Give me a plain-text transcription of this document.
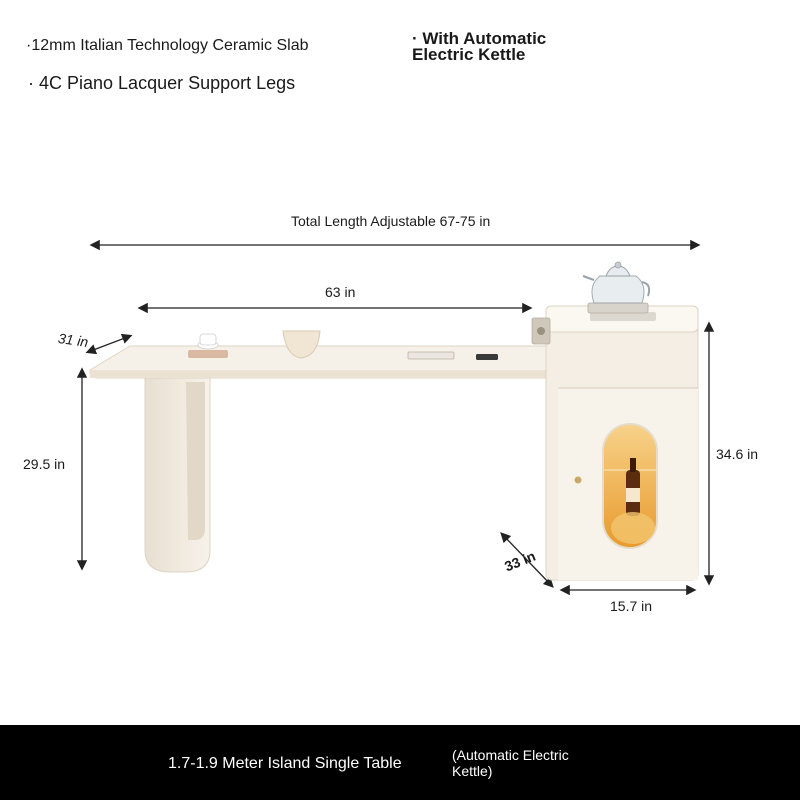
·12mm Italian Technology Ceramic Slab
· 4C Piano Lacquer Support Legs
· With Automatic Electric Kettle
Total Length Adjustable 67-75 in
63 in
31 in
29.5 in
34.6 in
33 in
15.7 in
1.7-1.9 Meter Island Single Table	(Automatic Electric Kettle)
